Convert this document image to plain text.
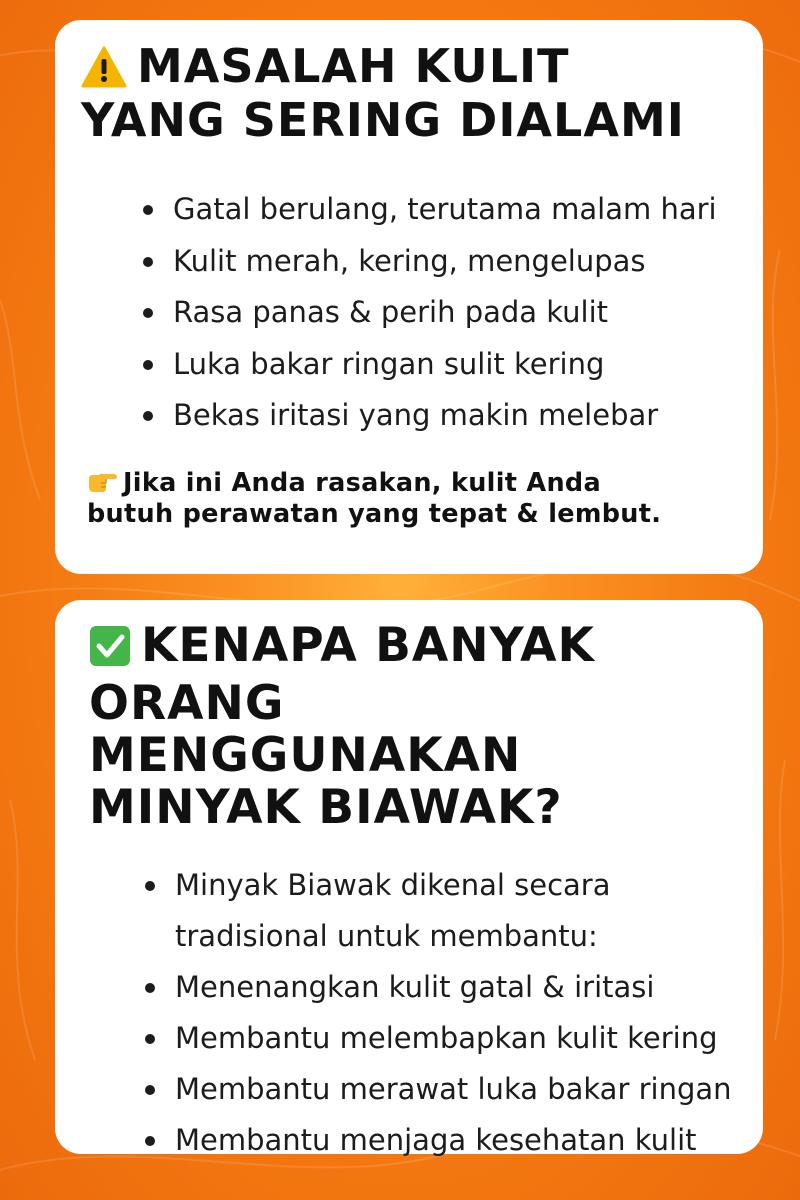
MASALAH KULIT
YANG SERING DIALAMI
Gatal berulang, terutama malam hari
Kulit merah, kering, mengelupas
Rasa panas & perih pada kulit
Luka bakar ringan sulit kering
Bekas iritasi yang makin melebar
Jika ini Anda rasakan, kulit Anda
butuh perawatan yang tepat & lembut.
KENAPA BANYAK
ORANG
MENGGUNAKAN
MINYAK BIAWAK?
Minyak Biawak dikenal secara
tradisional untuk membantu:
Menenangkan kulit gatal & iritasi
Membantu melembapkan kulit kering
Membantu merawat luka bakar ringan
Membantu menjaga kesehatan kulit
